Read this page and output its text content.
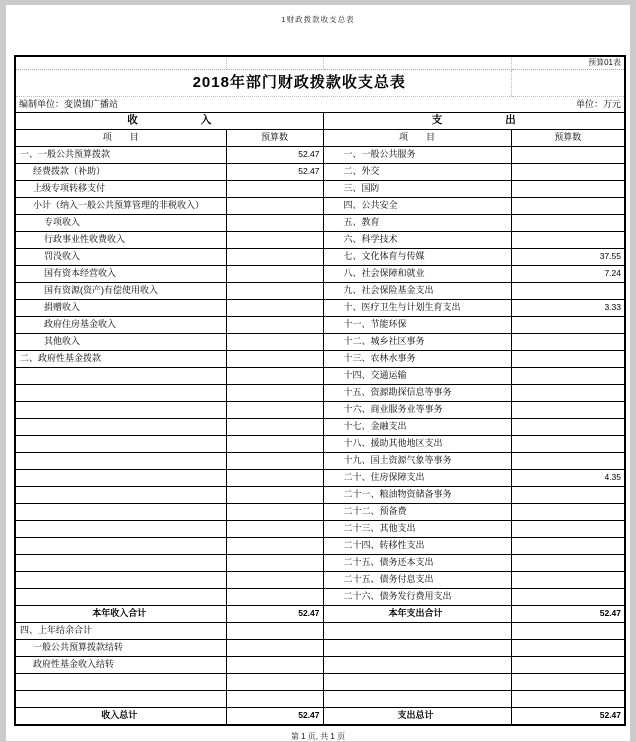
1财政拨款收支总表
			预算01表
2018年部门财政拨款收支总表			
编制单位：变谟镇广播站		单位：万元	
收　　　　　　入		支　　　　　　出	
项　　目	预算数	项　　目	预算数
一、一般公共预算拨款	52.47	一、一般公共服务	
经费拨款（补助）	52.47	二、外交	
上级专项转移支付		三、国防	
小计（纳入一般公共预算管理的非税收入）		四、公共安全	
专项收入		五、教育	
行政事业性收费收入		六、科学技术	
罚没收入		七、文化体育与传媒	37.55
国有资本经营收入		八、社会保障和就业	7.24
国有资源(资产)有偿使用收入		九、社会保险基金支出	
捐赠收入		十、医疗卫生与计划生育支出	3.33
政府住房基金收入		十一、节能环保	
其他收入		十二、城乡社区事务	
二、政府性基金拨款		十三、农林水事务	
		十四、交通运输	
		十五、资源勘探信息等事务	
		十六、商业服务业等事务	
		十七、金融支出	
		十八、援助其他地区支出	
		十九、国土资源气象等事务	
		二十、住房保障支出	4.35
		二十一、粮油物资储备事务	
		二十二、预备费	
		二十三、其他支出	
		二十四、转移性支出	
		二十五、债务还本支出	
		二十五、债务付息支出	
		二十六、债务发行费用支出	
本年收入合计	52.47	本年支出合计	52.47
四、上年结余合计			
一般公共预算拨款结转			
政府性基金收入结转			

收入总计	52.47	支出总计	52.47
第 1 页, 共 1 页
